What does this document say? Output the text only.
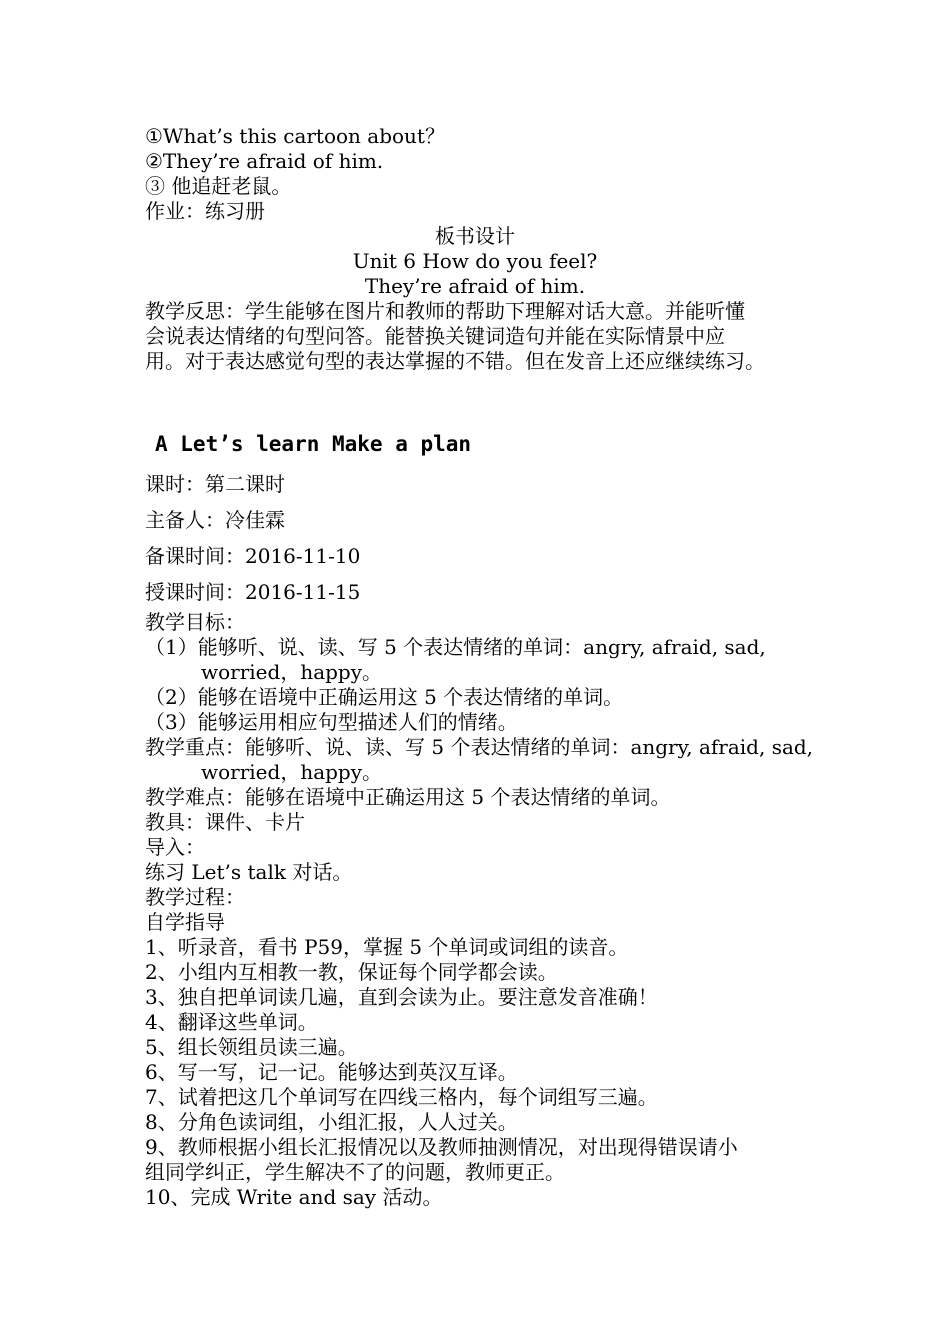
①What’s this cartoon about？
②They’re afraid of him.
③ 他追赶老鼠。
作业：练习册
板书设计
Unit 6 How do you feel?
They’re afraid of him.
教学反思：学生能够在图片和教师的帮助下理解对话大意。并能听懂
会说表达情绪的句型问答。能替换关键词造句并能在实际情景中应
用。对于表达感觉句型的表达掌握的不错。但在发音上还应继续练习。
A Let’s learn Make a plan
课时：第二课时
主备人：冷佳霖
备课时间：2016-11-10
授课时间：2016-11-15
教学目标：
（1）能够听、说、读、写 5 个表达情绪的单词：angry, afraid, sad,
worried，happy。
（2）能够在语境中正确运用这 5 个表达情绪的单词。
（3）能够运用相应句型描述人们的情绪。
教学重点：能够听、说、读、写 5 个表达情绪的单词：angry, afraid, sad,
worried，happy。
教学难点：能够在语境中正确运用这 5 个表达情绪的单词。
教具：课件、卡片
导入：
练习 Let’s talk 对话。
教学过程：
自学指导
1、听录音，看书 P59，掌握 5 个单词或词组的读音。
2、小组内互相教一教，保证每个同学都会读。
3、独自把单词读几遍，直到会读为止。要注意发音准确！
4、翻译这些单词。
5、组长领组员读三遍。
6、写一写，记一记。能够达到英汉互译。
7、试着把这几个单词写在四线三格内，每个词组写三遍。
8、分角色读词组，小组汇报，人人过关。
9、教师根据小组长汇报情况以及教师抽测情况，对出现得错误请小
组同学纠正，学生解决不了的问题，教师更正。
10、完成 Write and say 活动。
